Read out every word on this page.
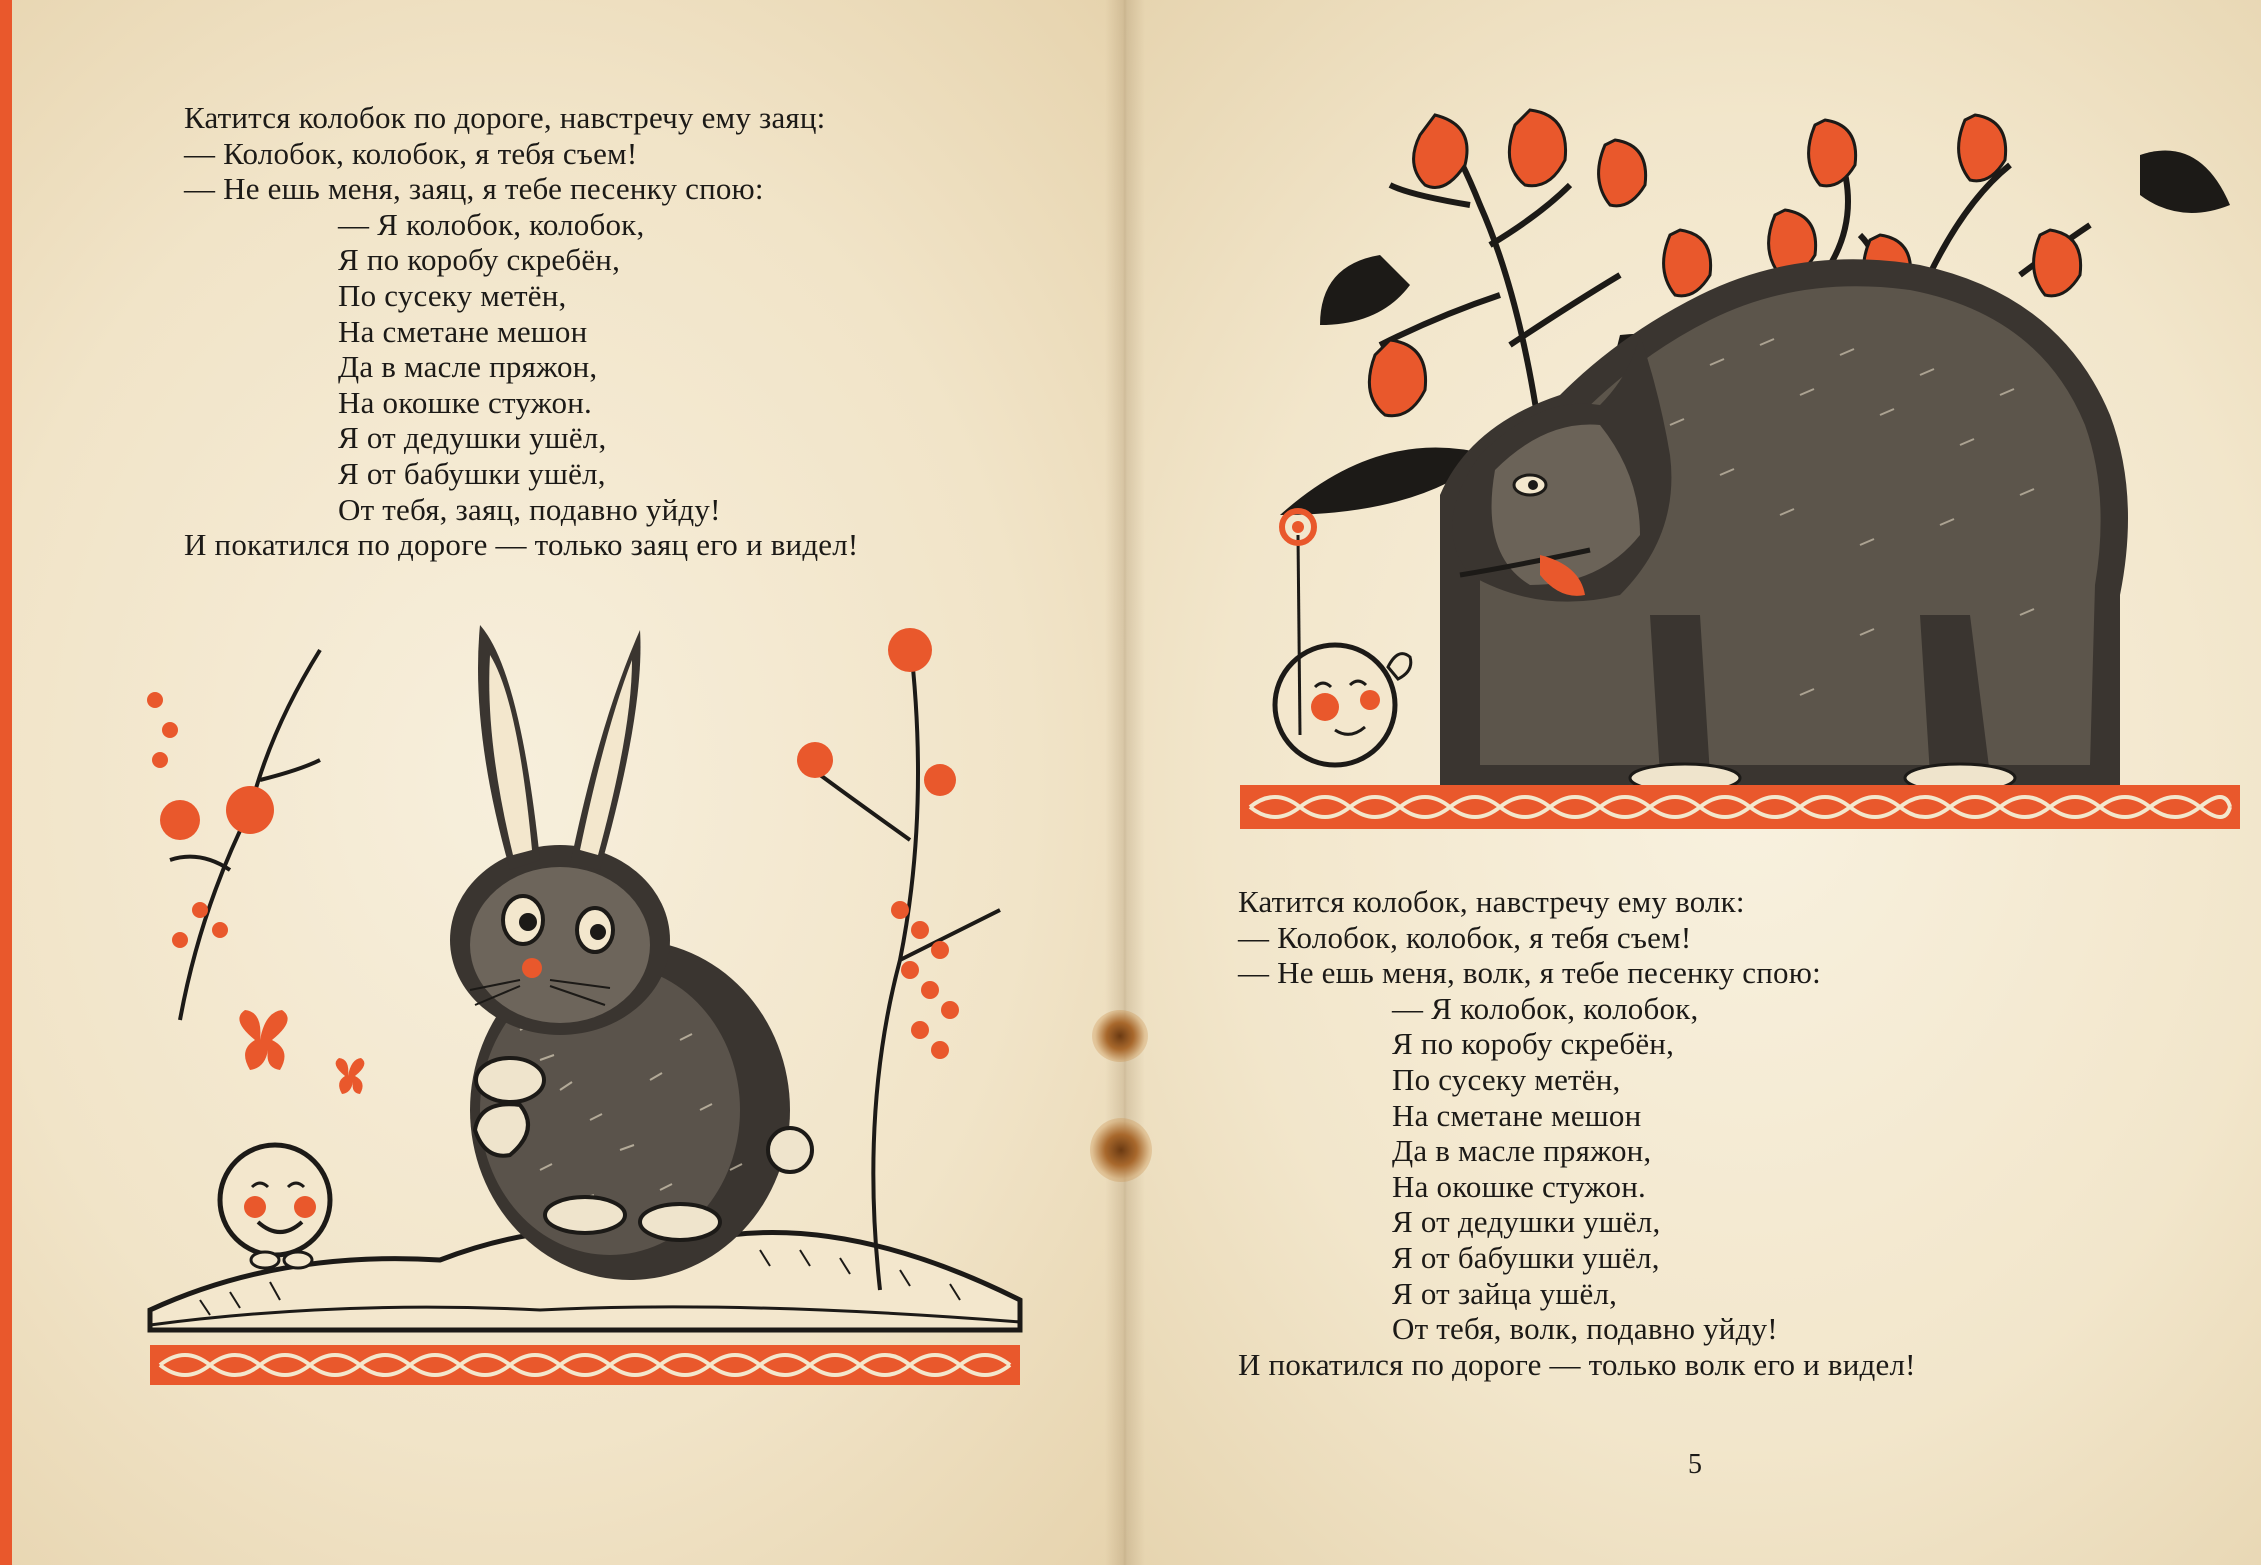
Катится колобок по дороге, навстречу ему заяц:
— Колобок, колобок, я тебя съем!
— Не ешь меня, заяц, я тебе песенку спою:
— Я колобок, колобок,
Я по коробу скребён,
По сусеку метён,
На сметане мешон
Да в масле пряжон,
На окошке стужон.
Я от дедушки ушёл,
Я от бабушки ушёл,
От тебя, заяц, подавно уйду!
И покатился по дороге — только заяц его и видел!
Катится колобок, навстречу ему волк:
— Колобок, колобок, я тебя съем!
— Не ешь меня, волк, я тебе песенку спою:
— Я колобок, колобок,
Я по коробу скребён,
По сусеку метён,
На сметане мешон
Да в масле пряжон,
На окошке стужон.
Я от дедушки ушёл,
Я от бабушки ушёл,
Я от зайца ушёл,
От тебя, волк, подавно уйду!
И покатился по дороге — только волк его и видел!
5
